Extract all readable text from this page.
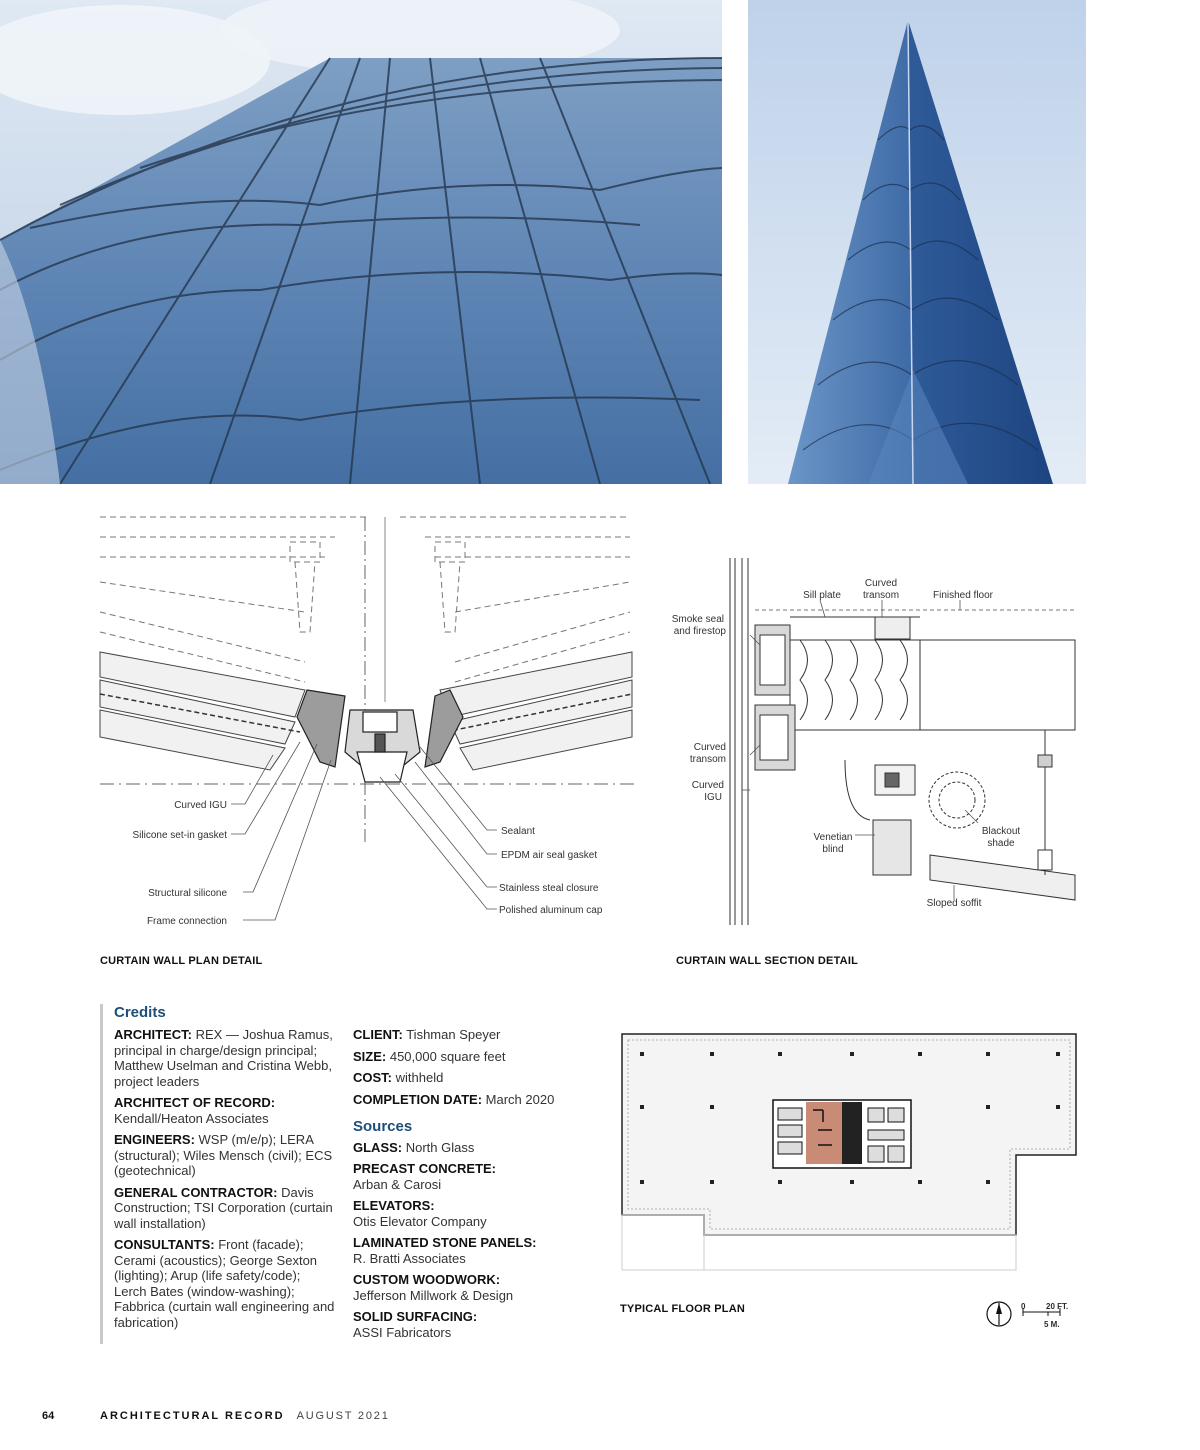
Curved IGU
Silicone set-in gasket
Structural silicone
Frame connection
Sealant
EPDM air seal gasket
Stainless steal closure
Polished aluminum cap
CURTAIN WALL PLAN DETAIL
Sill plate
Curved
transom	Finished floor
Smoke seal
and firestop
Curved
transom
Curved
IGU
Venetian
blind
Blackout
shade
Sloped soffit
CURTAIN WALL SECTION DETAIL
Credits
ARCHITECT: REX — Joshua Ramus, principal in charge/design principal; Matthew Uselman and Cristina Webb, project leaders
ARCHITECT OF RECORD: Kendall/Heaton Associates
ENGINEERS: WSP (m/e/p); LERA (structural); Wiles Mensch (civil); ECS (geotechnical)
GENERAL CONTRACTOR: Davis Construction; TSI Corporation (curtain wall installation)
CONSULTANTS: Front (facade); Cerami (acoustics); George Sexton (lighting); Arup (life safety/code); Lerch Bates (window-washing); Fabbrica (curtain wall engineering and fabrication)
CLIENT: Tishman Speyer
SIZE: 450,000 square feet
COST: withheld
COMPLETION DATE: March 2020
Sources
GLASS: North Glass
PRECAST CONCRETE:
Arban & Carosi
ELEVATORS:
Otis Elevator Company
LAMINATED STONE PANELS:
R. Bratti Associates
CUSTOM WOODWORK:
Jefferson Millwork & Design
SOLID SURFACING:
ASSI Fabricators
TYPICAL FLOOR PLAN	0	20 FT.
5 M.
64	ARCHITECTURAL RECORD AUGUST 2021
